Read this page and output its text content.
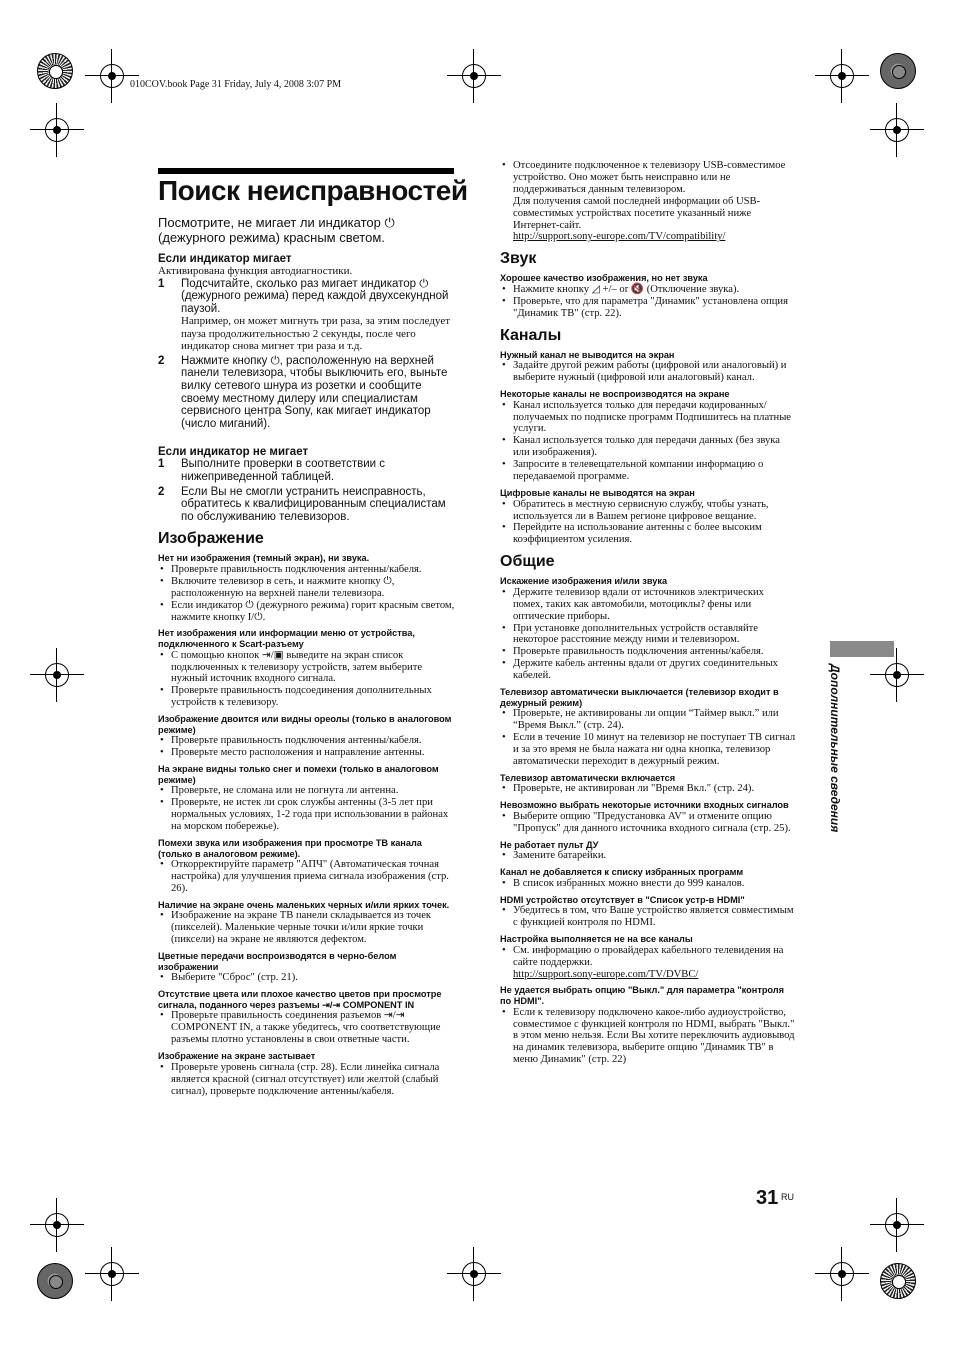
010COV.book Page 31 Friday, July 4, 2008 3:07 PM
Поиск неисправностей

Посмотрите, не мигает ли индикатор ⏻ (дежурного режима) красным светом.

Если индикатор мигает

Активирована функция автодиагностики.

1	Подсчитайте, сколько раз мигает индикатор ⏻ (дежурного режима) перед каждой двухсекундной паузой.
Например, он может мигнуть три раза, за этим последует пауза продолжительностью 2 секунды, после чего индикатор снова мигнет три раза и т.д.
2	Нажмите кнопку ⏻, расположенную на верхней панели телевизора, чтобы выключить его, выньте вилку сетевого шнура из розетки и сообщите своему местному дилеру или специалистам сервисного центра Sony, как мигает индикатор (число миганий).
Если индикатор не мигает
1	Выполните проверки в соответствии с нижеприведенной таблицей.
2	Если Вы не смогли устранить неисправность, обратитесь к квалифицированным специалистам по обслуживанию телевизоров.
Изображение
Нет ни изображения (темный экран), ни звука.
• Проверьте правильность подключения антенны/кабеля.
• Включите телевизор в сеть, и нажмите кнопку ⏻, расположенную на верхней панели телевизора.
• Если индикатор ⏻ (дежурного режима) горит красным светом, нажмите кнопку I/⏻.
Нет изображения или информации меню от устройства, подключенного к Scart-разъему
• С помощью кнопок ⇥/▣ выведите на экран список подключенных к телевизору устройств, затем выберите нужный источник входного сигнала.
• Проверьте правильность подсоединения дополнительных устройств к телевизору.
Изображение двоится или видны ореолы (только в аналоговом режиме)
• Проверьте правильность подключения антенны/кабеля.
• Проверьте место расположения и направление антенны.
На экране видны только снег и помехи (только в аналоговом режиме)
• Проверьте, не сломана или не погнута ли антенна.
• Проверьте, не истек ли срок службы антенны (3-5 лет при нормальных условиях, 1-2 года при использовании в районах на морском побережье).
Помехи звука или изображения при просмотре ТВ канала (только в аналоговом режиме).
• Откорректируйте параметр "АПЧ" (Автоматическая точная настройка) для улучшения приема сигнала изображения (стр. 26).
Наличие на экране очень маленьких черных и/или ярких точек.
• Изображение на экране ТВ панели складывается из точек (пикселей). Маленькие черные точки и/или яркие точки (пиксели) на экране не являются дефектом.
Цветные передачи воспроизводятся в черно-белом изображении
• Выберите "Сброс" (стр. 21).
Отсутствие цвета или плохое качество цветов при просмотре сигнала, поданного через разъемы ⇥/⇥ COMPONENT IN
• Проверьте правильность соединения разъемов ⇥/⇥ COMPONENT IN, а также убедитесь, что соответствующие разъемы плотно установлены в свои ответные части.
Изображение на экране застывает
• Проверьте уровень сигнала (стр. 28). Если линейка сигнала является красной (сигнал отсутствует) или желтой (слабый сигнал), проверьте подключение антенны/кабеля.
• Отсоедините подключенное к телевизору USB-совместимое устройство. Оно может быть неисправно или не поддерживаться данным телевизором.
Для получения самой последней информации об USB-совместимых устройствах посетите указанный ниже Интернет-сайт.
http://support.sony-europe.com/TV/compatibility/
Звук
Хорошее качество изображения, но нет звука
• Нажмите кнопку ◿ +/– or 🔇 (Отключение звука).
• Проверьте, что для параметра "Динамик" установлена опция "Динамик ТВ" (стр. 22).
Каналы
Нужный канал не выводится на экран
• Задайте другой режим работы (цифровой или аналоговый) и выберите нужный (цифровой или аналоговый) канал.
Некоторые каналы не воспроизводятся на экране
• Канал используется только для передачи кодированных/получаемых по подписке программ Подпишитесь на платные услуги.
• Канал используется только для передачи данных (без звука или изображения).
• Запросите в телевещательной компании информацию о передаваемой программе.
Цифровые каналы не выводятся на экран
• Обратитесь в местную сервисную службу, чтобы узнать, используется ли в Вашем регионе цифровое вещание.
• Перейдите на использование антенны с более высоким коэффициентом усиления.
Общие
Искажение изображения и/или звука
• Держите телевизор вдали от источников электрических помех, таких как автомобили, мотоциклы? фены или оптические приборы.
• При установке дополнительных устройств оставляйте некоторое расстояние между ними и телевизором.
• Проверьте правильность подключения антенны/кабеля.
• Держите кабель антенны вдали от других соединительных кабелей.
Телевизор автоматически выключается (телевизор входит в дежурный режим)
• Проверьте, не активированы ли опции “Таймер выкл.” или “Время Выкл.” (стр. 24).
• Если в течение 10 минут на телевизор не поступает ТВ сигнал и за это время не была нажата ни одна кнопка, телевизор автоматически переходит в дежурный режим.
Телевизор автоматически включается
• Проверьте, не активирован ли "Время Вкл." (стр. 24).
Невозможно выбрать некоторые источники входных сигналов
• Выберите опцию "Предустановка AV" и отмените опцию "Пропуск" для данного источника входного сигнала (стр. 25).
Не работает пульт ДУ
• Замените батарейки.
Канал не добавляется к списку избранных программ
• В список избранных можно внести до 999 каналов.
HDMI устройство отсутствует в "Список устр-в HDMI"
• Убедитесь в том, что Ваше устройство является совместимым с функцией контроля по HDMI.
Настройка выполняется не на все каналы
• См. информацию о провайдерах кабельного телевидения на сайте поддержки.
http://support.sony-europe.com/TV/DVBC/
Не удается выбрать опцию "Выкл." для параметра "контроля по HDMI".
• Если к телевизору подключено какое-либо аудиоустройство, совместимое с функцией контроля по HDMI, выбрать "Выкл." в этом меню нельзя. Если Вы хотите переключить аудиовывод на динамик телевизора, выберите опцию "Динамик ТВ" в меню Динамик" (стр. 22)
Дополнительные сведения
31 RU
